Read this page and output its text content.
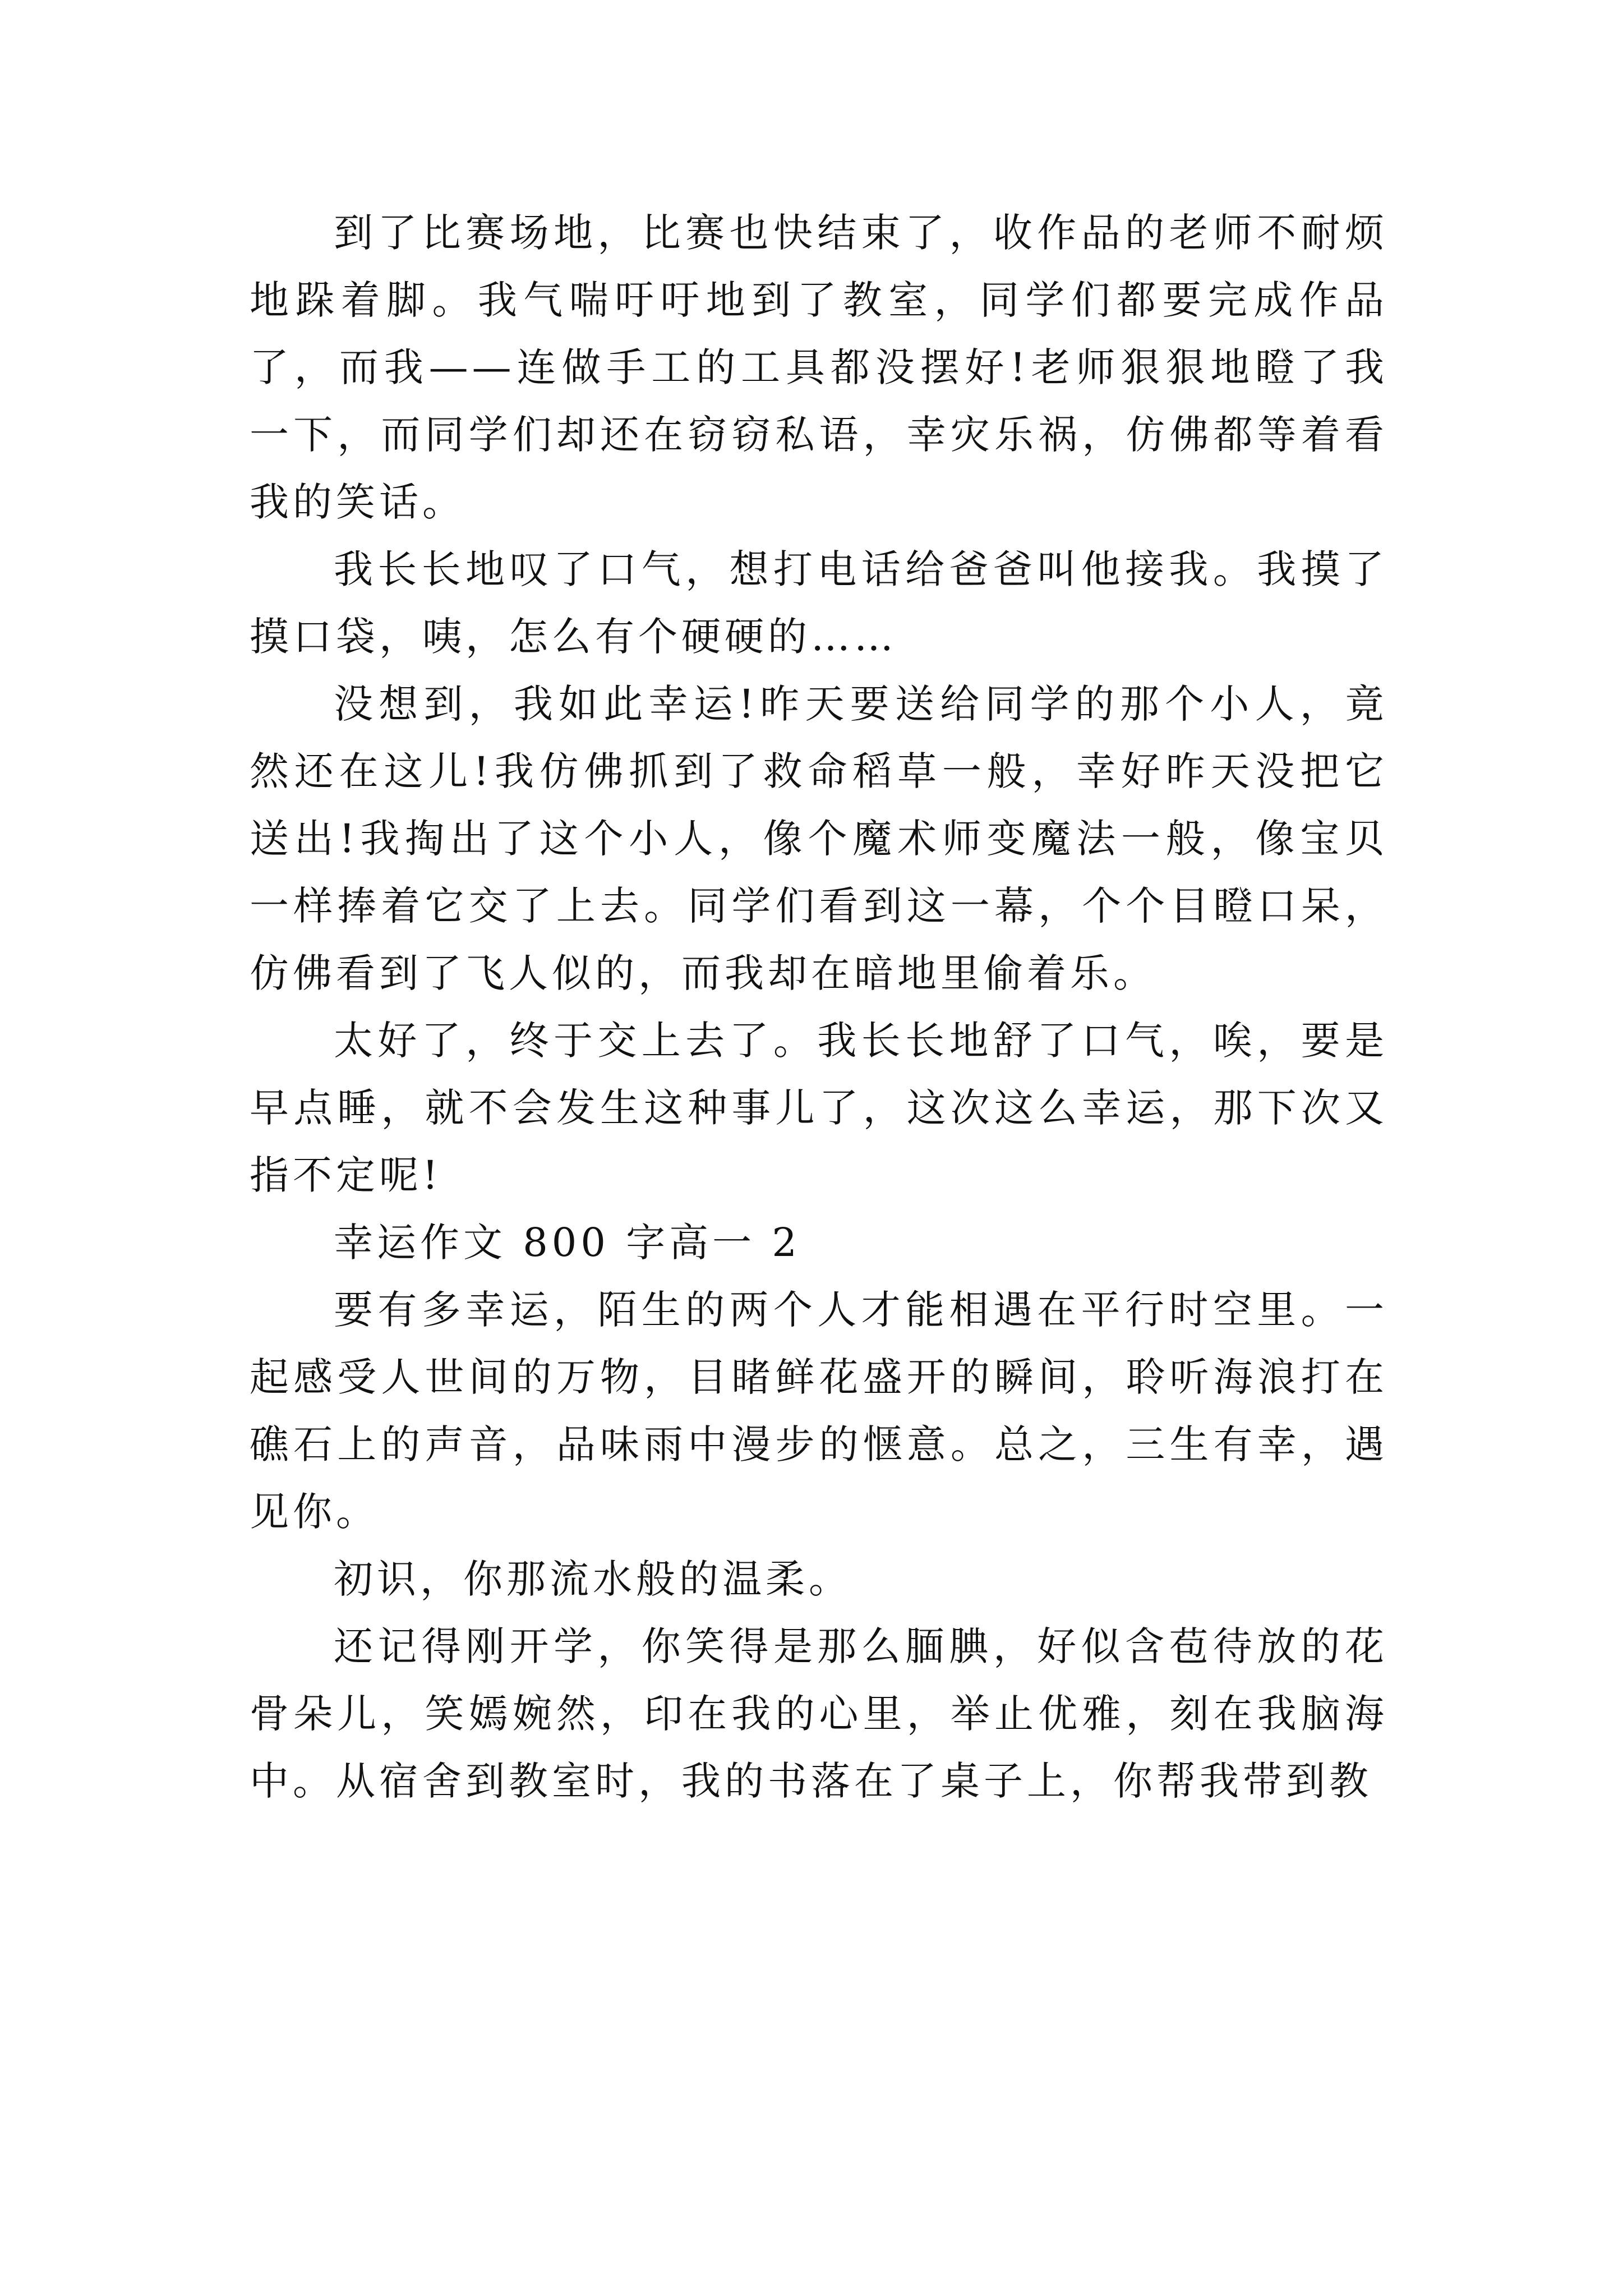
到了比赛场地，比赛也快结束了，收作品的老师不耐烦地跺着脚。我气喘吁吁地到了教室，同学们都要完成作品了，而我——连做手工的工具都没摆好!老师狠狠地瞪了我一下，而同学们却还在窃窃私语，幸灾乐祸，仿佛都等着看我的笑话。

我长长地叹了口气，想打电话给爸爸叫他接我。我摸了摸口袋，咦，怎么有个硬硬的……

没想到，我如此幸运!昨天要送给同学的那个小人，竟然还在这儿!我仿佛抓到了救命稻草一般，幸好昨天没把它送出!我掏出了这个小人，像个魔术师变魔法一般，像宝贝一样捧着它交了上去。同学们看到这一幕，个个目瞪口呆，仿佛看到了飞人似的，而我却在暗地里偷着乐。

太好了，终于交上去了。我长长地舒了口气，唉，要是早点睡，就不会发生这种事儿了，这次这么幸运，那下次又指不定呢!

幸运作文 800 字高一 2

要有多幸运，陌生的两个人才能相遇在平行时空里。一起感受人世间的万物，目睹鲜花盛开的瞬间，聆听海浪打在礁石上的声音，品味雨中漫步的惬意。总之，三生有幸，遇见你。

初识，你那流水般的温柔。

还记得刚开学，你笑得是那么腼腆，好似含苞待放的花骨朵儿，笑嫣婉然，印在我的心里，举止优雅，刻在我脑海中。从宿舍到教室时，我的书落在了桌子上，你帮我带到教
